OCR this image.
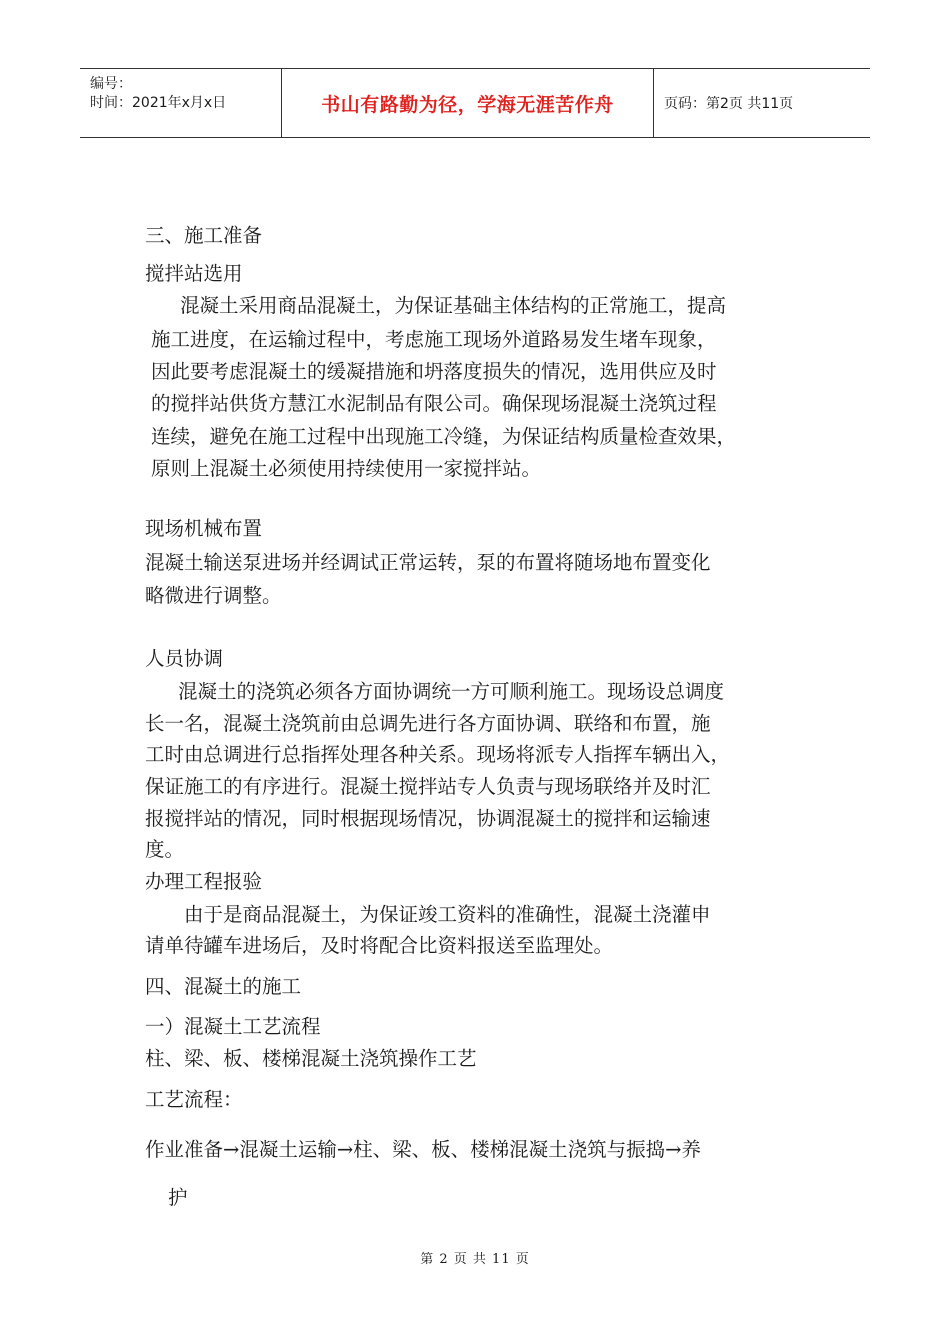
编号：
时间：2021年x月x日	书山有路勤为径，学海无涯苦作舟	页码：第2页 共11页
三、施工准备
搅拌站选用
混凝土采用商品混凝土，为保证基础主体结构的正常施工，提高
施工进度，在运输过程中，考虑施工现场外道路易发生堵车现象，
因此要考虑混凝土的缓凝措施和坍落度损失的情况，选用供应及时
的搅拌站供货方慧江水泥制品有限公司。确保现场混凝土浇筑过程
连续，避免在施工过程中出现施工冷缝，为保证结构质量检查效果，
原则上混凝土必须使用持续使用一家搅拌站。
现场机械布置
混凝土输送泵进场并经调试正常运转，泵的布置将随场地布置变化
略微进行调整。
人员协调
混凝土的浇筑必须各方面协调统一方可顺利施工。现场设总调度
长一名，混凝土浇筑前由总调先进行各方面协调、联络和布置，施
工时由总调进行总指挥处理各种关系。现场将派专人指挥车辆出入，
保证施工的有序进行。混凝土搅拌站专人负责与现场联络并及时汇
报搅拌站的情况，同时根据现场情况，协调混凝土的搅拌和运输速
度。
办理工程报验
由于是商品混凝土，为保证竣工资料的准确性，混凝土浇灌申
请单待罐车进场后，及时将配合比资料报送至监理处。
四、混凝土的施工
一）混凝土工艺流程
柱、梁、板、楼梯混凝土浇筑操作工艺
工艺流程：
作业准备→混凝土运输→柱、梁、板、楼梯混凝土浇筑与振捣→养
护
第 2 页 共 11 页
